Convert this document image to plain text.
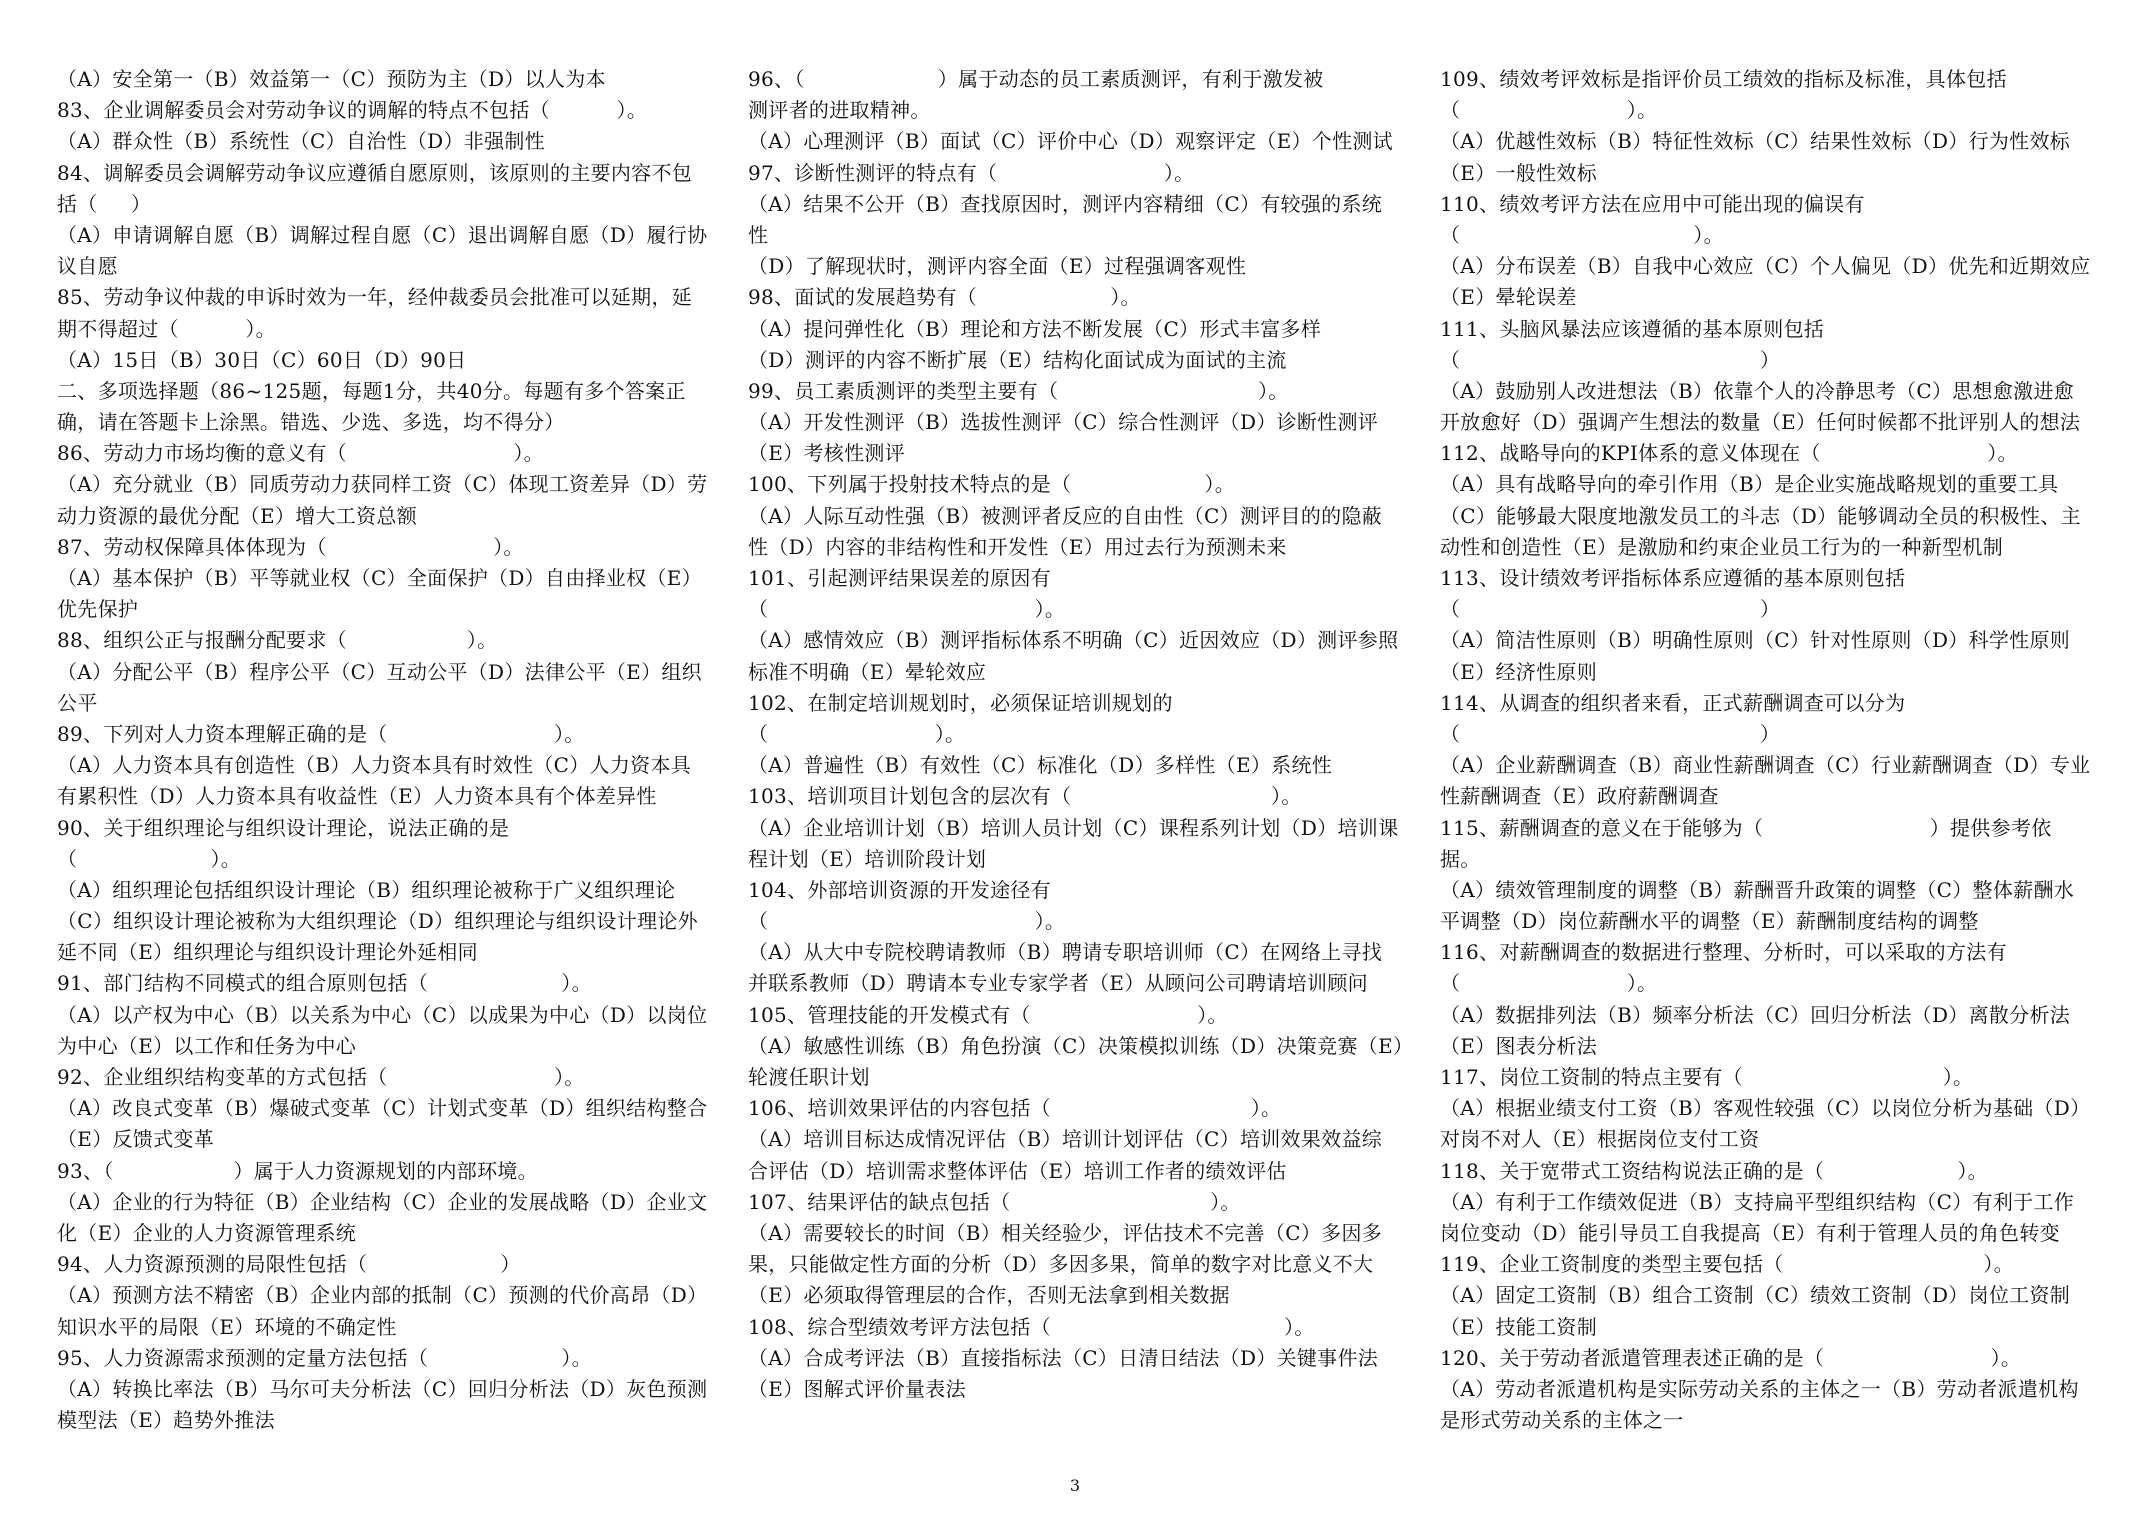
（A）安全第一（B）效益第一（C）预防为主（D）以人为本
83、企业调解委员会对劳动争议的调解的特点不包括（          ）。
（A）群众性（B）系统性（C）自治性（D）非强制性
84、调解委员会调解劳动争议应遵循自愿原则，该原则的主要内容不包
括（     ）
（A）申请调解自愿（B）调解过程自愿（C）退出调解自愿（D）履行协
议自愿
85、劳动争议仲裁的申诉时效为一年，经仲裁委员会批准可以延期，延
期不得超过（          ）。
（A）15日（B）30日（C）60日（D）90日
二、多项选择题（86~125题，每题1分，共40分。每题有多个答案正
确，请在答题卡上涂黑。错选、少选、多选，均不得分）
86、劳动力市场均衡的意义有（                         ）。
（A）充分就业（B）同质劳动力获同样工资（C）体现工资差异（D）劳
动力资源的最优分配（E）增大工资总额
87、劳动权保障具体体现为（                         ）。
（A）基本保护（B）平等就业权（C）全面保护（D）自由择业权（E）
优先保护
88、组织公正与报酬分配要求（                  ）。
（A）分配公平（B）程序公平（C）互动公平（D）法律公平（E）组织
公平
89、下列对人力资本理解正确的是（                         ）。
（A）人力资本具有创造性（B）人力资本具有时效性（C）人力资本具
有累积性（D）人力资本具有收益性（E）人力资本具有个体差异性
90、关于组织理论与组织设计理论，说法正确的是
（                    ）。
（A）组织理论包括组织设计理论（B）组织理论被称于广义组织理论
（C）组织设计理论被称为大组织理论（D）组织理论与组织设计理论外
延不同（E）组织理论与组织设计理论外延相同
91、部门结构不同模式的组合原则包括（                    ）。
（A）以产权为中心（B）以关系为中心（C）以成果为中心（D）以岗位
为中心（E）以工作和任务为中心
92、企业组织结构变革的方式包括（                         ）。
（A）改良式变革（B）爆破式变革（C）计划式变革（D）组织结构整合
（E）反馈式变革
93、（                  ）属于人力资源规划的内部环境。
（A）企业的行为特征（B）企业结构（C）企业的发展战略（D）企业文
化（E）企业的人力资源管理系统
94、人力资源预测的局限性包括（                    ）
（A）预测方法不精密（B）企业内部的抵制（C）预测的代价高昂（D）
知识水平的局限（E）环境的不确定性
95、人力资源需求预测的定量方法包括（                    ）。
（A）转换比率法（B）马尔可夫分析法（C）回归分析法（D）灰色预测
模型法（E）趋势外推法
96、（                    ）属于动态的员工素质测评，有利于激发被
测评者的进取精神。
（A）心理测评（B）面试（C）评价中心（D）观察评定（E）个性测试
97、诊断性测评的特点有（                         ）。
（A）结果不公开（B）查找原因时，测评内容精细（C）有较强的系统
性
（D）了解现状时，测评内容全面（E）过程强调客观性
98、面试的发展趋势有（                    ）。
（A）提问弹性化（B）理论和方法不断发展（C）形式丰富多样
（D）测评的内容不断扩展（E）结构化面试成为面试的主流
99、员工素质测评的类型主要有（                              ）。
（A）开发性测评（B）选拔性测评（C）综合性测评（D）诊断性测评
（E）考核性测评
100、下列属于投射技术特点的是（                    ）。
（A）人际互动性强（B）被测评者反应的自由性（C）测评目的的隐蔽
性（D）内容的非结构性和开发性（E）用过去行为预测未来
101、引起测评结果误差的原因有
（                                        ）。
（A）感情效应（B）测评指标体系不明确（C）近因效应（D）测评参照
标准不明确（E）晕轮效应
102、在制定培训规划时，必须保证培训规划的
（                         ）。
（A）普遍性（B）有效性（C）标准化（D）多样性（E）系统性
103、培训项目计划包含的层次有（                              ）。
（A）企业培训计划（B）培训人员计划（C）课程系列计划（D）培训课
程计划（E）培训阶段计划
104、外部培训资源的开发途径有
（                                        ）。
（A）从大中专院校聘请教师（B）聘请专职培训师（C）在网络上寻找
并联系教师（D）聘请本专业专家学者（E）从顾问公司聘请培训顾问
105、管理技能的开发模式有（                         ）。
（A）敏感性训练（B）角色扮演（C）决策模拟训练（D）决策竞赛（E）
轮渡任职计划
106、培训效果评估的内容包括（                              ）。
（A）培训目标达成情况评估（B）培训计划评估（C）培训效果效益综
合评估（D）培训需求整体评估（E）培训工作者的绩效评估
107、结果评估的缺点包括（                              ）。
（A）需要较长的时间（B）相关经验少，评估技术不完善（C）多因多
果，只能做定性方面的分析（D）多因多果，简单的数字对比意义不大
（E）必须取得管理层的合作，否则无法拿到相关数据
108、综合型绩效考评方法包括（                                   ）。
（A）合成考评法（B）直接指标法（C）日清日结法（D）关键事件法
（E）图解式评价量表法
109、绩效考评效标是指评价员工绩效的指标及标准，具体包括
（                         ）。
（A）优越性效标（B）特征性效标（C）结果性效标（D）行为性效标
（E）一般性效标
110、绩效考评方法在应用中可能出现的偏误有
（                                   ）。
（A）分布误差（B）自我中心效应（C）个人偏见（D）优先和近期效应
（E）晕轮误差
111、头脑风暴法应该遵循的基本原则包括
（                                             ）
（A）鼓励别人改进想法（B）依靠个人的冷静思考（C）思想愈激进愈
开放愈好（D）强调产生想法的数量（E）任何时候都不批评别人的想法
112、战略导向的KPI体系的意义体现在（                         ）。
（A）具有战略导向的牵引作用（B）是企业实施战略规划的重要工具
（C）能够最大限度地激发员工的斗志（D）能够调动全员的积极性、主
动性和创造性（E）是激励和约束企业员工行为的一种新型机制
113、设计绩效考评指标体系应遵循的基本原则包括
（                                             ）
（A）简洁性原则（B）明确性原则（C）针对性原则（D）科学性原则
（E）经济性原则
114、从调查的组织者来看，正式薪酬调查可以分为
（                                             ）
（A）企业薪酬调查（B）商业性薪酬调查（C）行业薪酬调查（D）专业
性薪酬调查（E）政府薪酬调查
115、薪酬调查的意义在于能够为（                         ）提供参考依
据。
（A）绩效管理制度的调整（B）薪酬晋升政策的调整（C）整体薪酬水
平调整（D）岗位薪酬水平的调整（E）薪酬制度结构的调整
116、对薪酬调查的数据进行整理、分析时，可以采取的方法有
（                         ）。
（A）数据排列法（B）频率分析法（C）回归分析法（D）离散分析法
（E）图表分析法
117、岗位工资制的特点主要有（                              ）。
（A）根据业绩支付工资（B）客观性较强（C）以岗位分析为基础（D）
对岗不对人（E）根据岗位支付工资
118、关于宽带式工资结构说法正确的是（                    ）。
（A）有利于工作绩效促进（B）支持扁平型组织结构（C）有利于工作
岗位变动（D）能引导员工自我提高（E）有利于管理人员的角色转变
119、企业工资制度的类型主要包括（                              ）。
（A）固定工资制（B）组合工资制（C）绩效工资制（D）岗位工资制
（E）技能工资制
120、关于劳动者派遣管理表述正确的是（                         ）。
（A）劳动者派遣机构是实际劳动关系的主体之一（B）劳动者派遣机构
是形式劳动关系的主体之一
3
